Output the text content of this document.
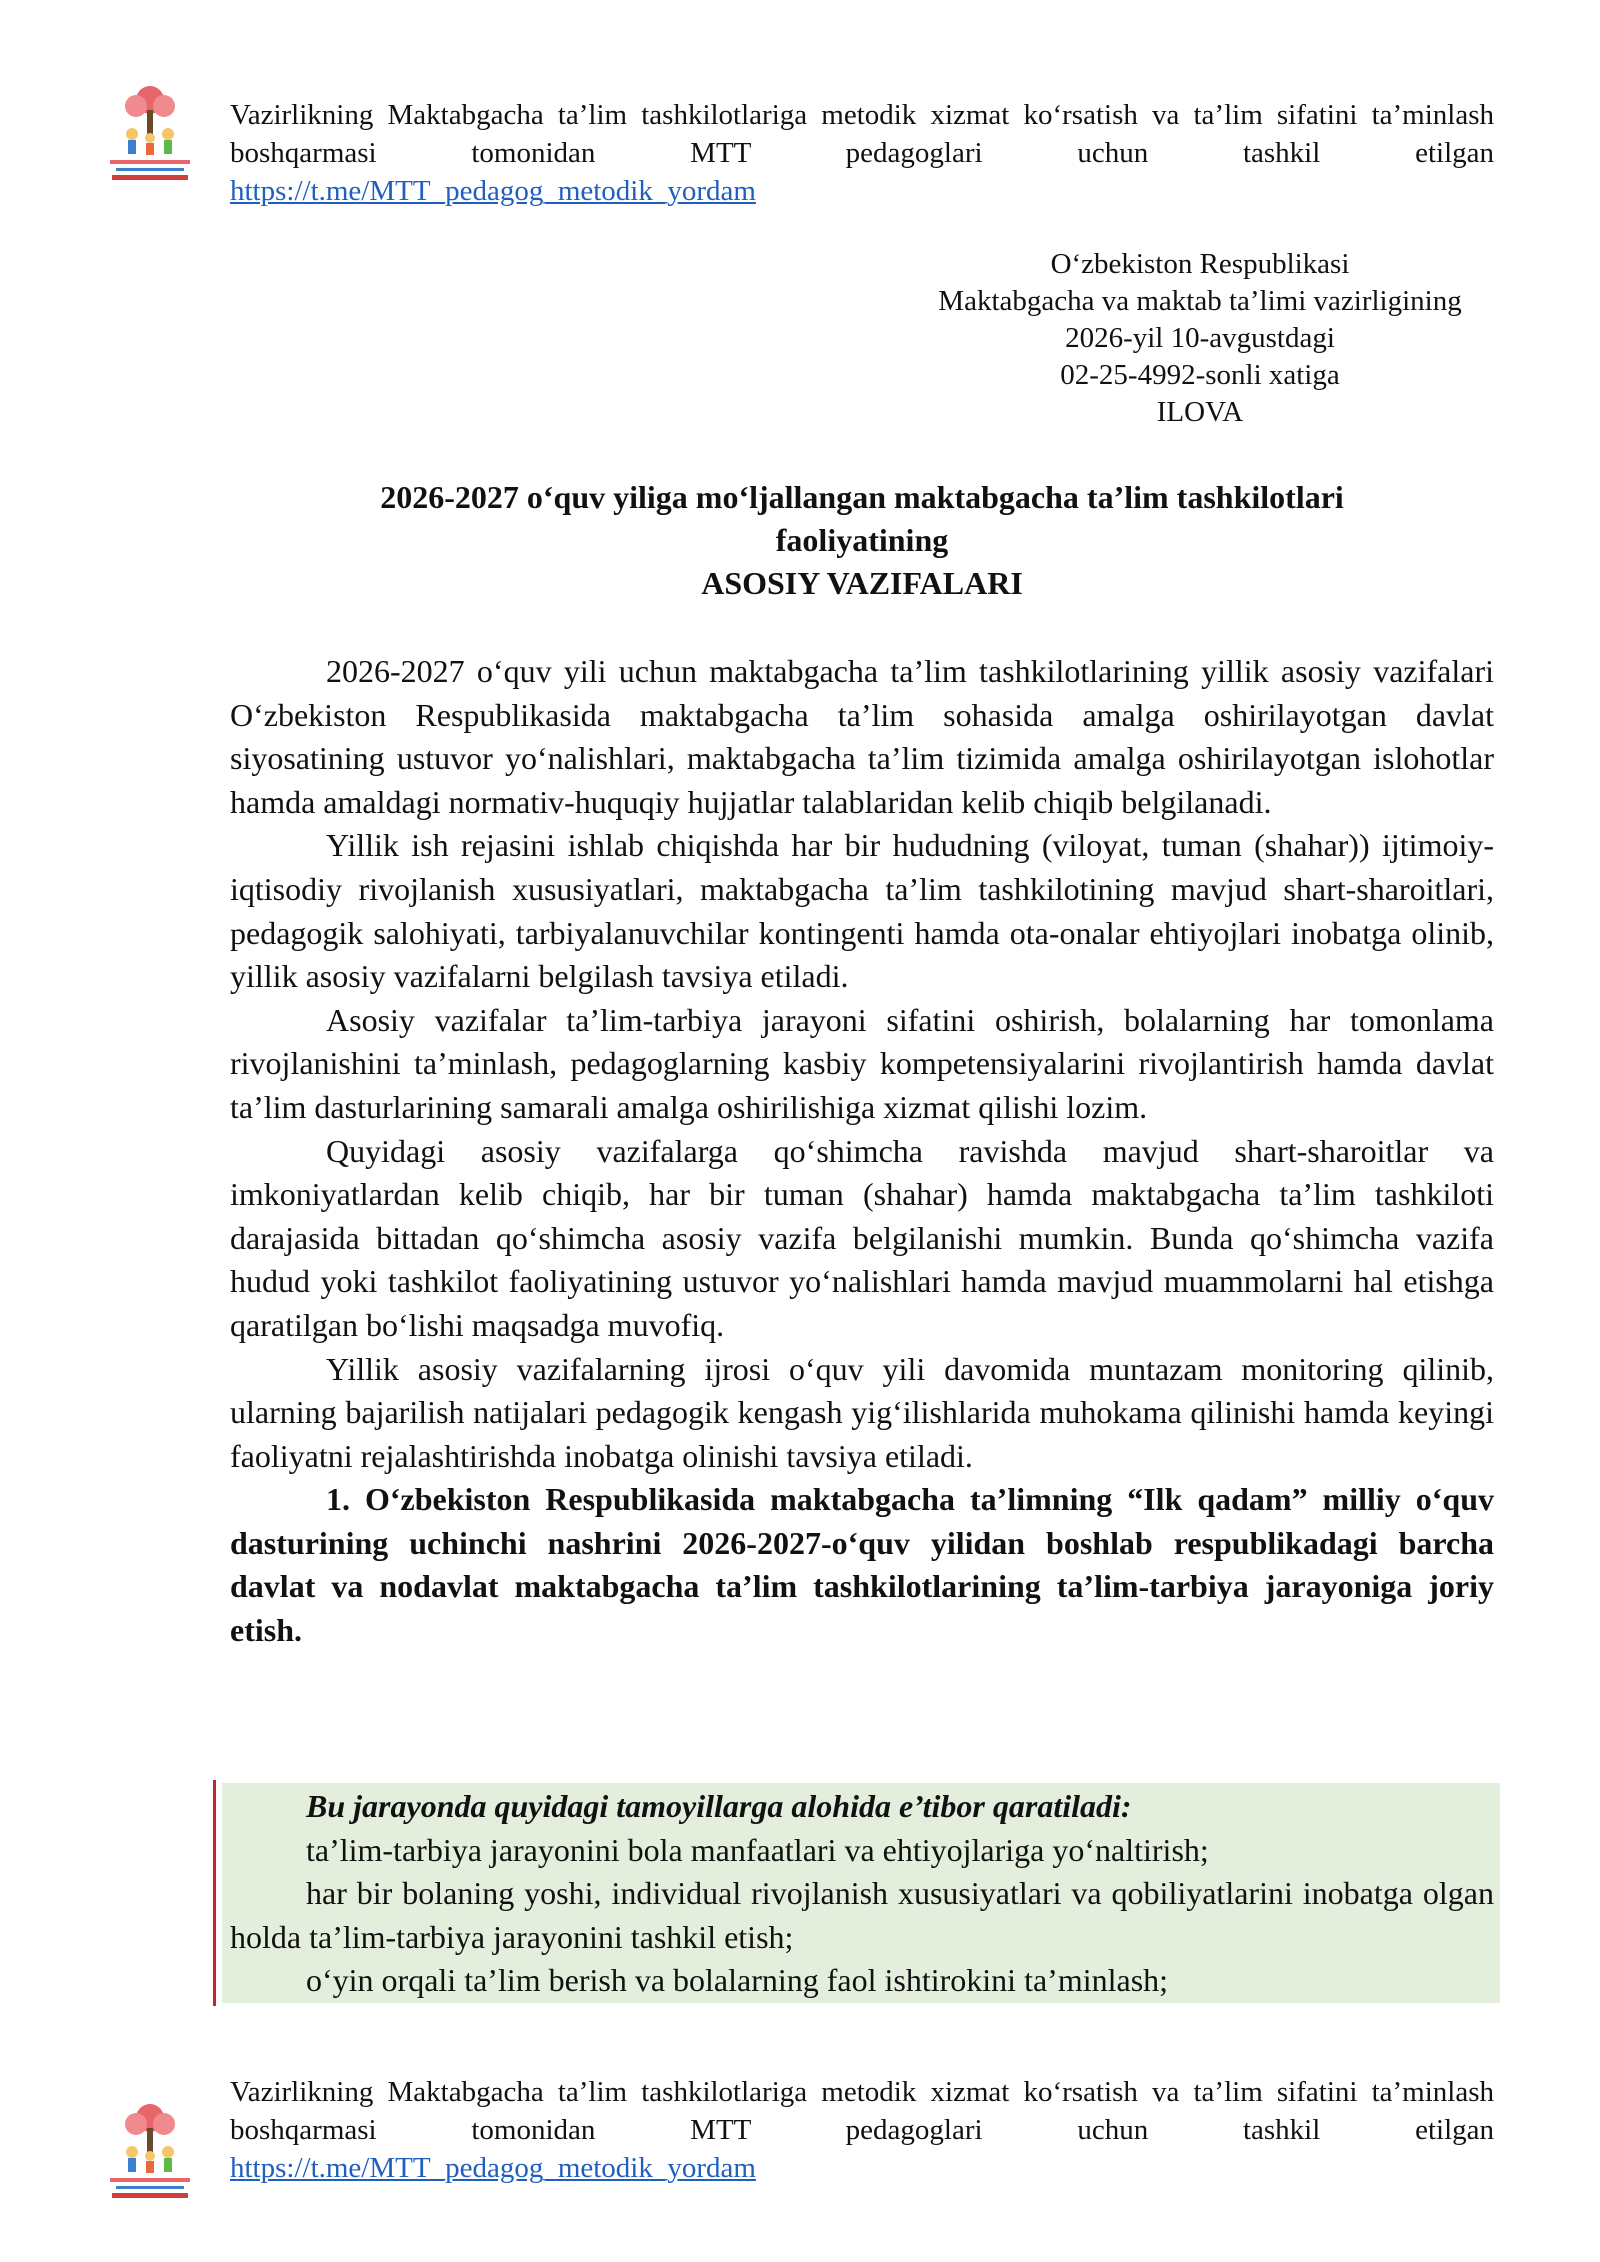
Vazirlikning Maktabgacha ta’lim tashkilotlariga metodik xizmat ko‘rsatish va ta’lim sifatini ta’minlash boshqarmasi tomonidan MTT pedagoglari uchun tashkil etilgan
https://t.me/MTT_pedagog_metodik_yordam
O‘zbekiston Respublikasi
Maktabgacha va maktab ta’limi vazirligining
2026-yil 10-avgustdagi
02-25-4992-sonli xatiga
ILOVA
2026-2027 o‘quv yiliga mo‘ljallangan maktabgacha ta’lim tashkilotlari
faoliyatining
ASOSIY VAZIFALARI

2026-2027 o‘quv yili uchun maktabgacha ta’lim tashkilotlarining yillik asosiy vazifalari O‘zbekiston Respublikasida maktabgacha ta’lim sohasida amalga oshirilayotgan davlat siyosatining ustuvor yo‘nalishlari, maktabgacha ta’lim tizimida amalga oshirilayotgan islohotlar hamda amaldagi normativ-huquqiy hujjatlar talablaridan kelib chiqib belgilanadi.

Yillik ish rejasini ishlab chiqishda har bir hududning (viloyat, tuman (shahar)) ijtimoiy-iqtisodiy rivojlanish xususiyatlari, maktabgacha ta’lim tashkilotining mavjud shart-sharoitlari, pedagogik salohiyati, tarbiyalanuvchilar kontingenti hamda ota-onalar ehtiyojlari inobatga olinib, yillik asosiy vazifalarni belgilash tavsiya etiladi.

Asosiy vazifalar ta’lim-tarbiya jarayoni sifatini oshirish, bolalarning har tomonlama rivojlanishini ta’minlash, pedagoglarning kasbiy kompetensiyalarini rivojlantirish hamda davlat ta’lim dasturlarining samarali amalga oshirilishiga xizmat qilishi lozim.

Quyidagi asosiy vazifalarga qo‘shimcha ravishda mavjud shart-sharoitlar va imkoniyatlardan kelib chiqib, har bir tuman (shahar) hamda maktabgacha ta’lim tashkiloti darajasida bittadan qo‘shimcha asosiy vazifa belgilanishi mumkin. Bunda qo‘shimcha vazifa hudud yoki tashkilot faoliyatining ustuvor yo‘nalishlari hamda mavjud muammolarni hal etishga qaratilgan bo‘lishi maqsadga muvofiq.

Yillik asosiy vazifalarning ijrosi o‘quv yili davomida muntazam monitoring qilinib, ularning bajarilish natijalari pedagogik kengash yig‘ilishlarida muhokama qilinishi hamda keyingi faoliyatni rejalashtirishda inobatga olinishi tavsiya etiladi.

1. O‘zbekiston Respublikasida maktabgacha ta’limning “Ilk qadam” milliy o‘quv dasturining uchinchi nashrini 2026-2027-o‘quv yilidan boshlab respublikadagi barcha davlat va nodavlat maktabgacha ta’lim tashkilotlarining ta’lim-tarbiya jarayoniga joriy etish.

Bu jarayonda quyidagi tamoyillarga alohida e’tibor qaratiladi:

ta’lim-tarbiya jarayonini bola manfaatlari va ehtiyojlariga yo‘naltirish;

har bir bolaning yoshi, individual rivojlanish xususiyatlari va qobiliyatlarini inobatga olgan holda ta’lim-tarbiya jarayonini tashkil etish;

o‘yin orqali ta’lim berish va bolalarning faol ishtirokini ta’minlash;

Vazirlikning Maktabgacha ta’lim tashkilotlariga metodik xizmat ko‘rsatish va ta’lim sifatini ta’minlash boshqarmasi tomonidan MTT pedagoglari uchun tashkil etilgan
https://t.me/MTT_pedagog_metodik_yordam
